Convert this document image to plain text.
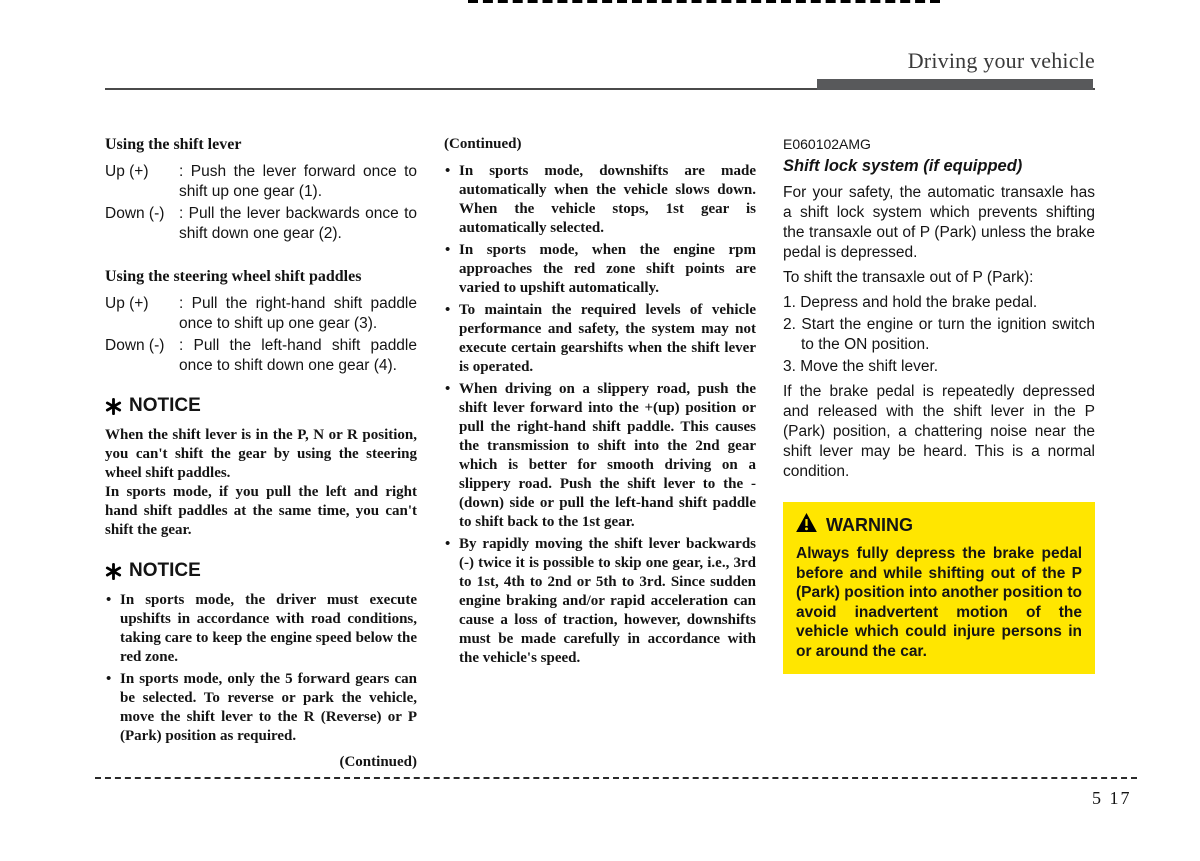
Driving your vehicle
Using the shift lever
Up (+)	: Push the lever forward once to shift up one gear (1).
Down (-) : Pull the lever backwards once to shift down one gear (2).
Using the steering wheel shift paddles
Up (+)	: Pull the right-hand shift paddle once to shift up one gear (3).
Down (-) : Pull the left-hand shift paddle once to shift down one gear (4).
NOTICE

When the shift lever is in the P, N or R position, you can't shift the gear by using the steering wheel shift paddles.

In sports mode, if you pull the left and right hand shift paddles at the same time, you can't shift the gear.

NOTICE
• In sports mode, the driver must execute upshifts in accordance with road conditions, taking care to keep the engine speed below the red zone.
• In sports mode, only the 5 forward gears can be selected. To reverse or park the vehicle, move the shift lever to the R (Reverse) or P (Park) position as required.
(Continued)
(Continued)
• In sports mode, downshifts are made automatically when the vehicle slows down. When the vehicle stops, 1st gear is automatically selected.
• In sports mode, when the engine rpm approaches the red zone shift points are varied to upshift automatically.
• To maintain the required levels of vehicle performance and safety, the system may not execute certain gearshifts when the shift lever is operated.
• When driving on a slippery road, push the shift lever forward into the +(up) position or pull the right-hand shift paddle. This causes the transmission to shift into the 2nd gear which is better for smooth driving on a slippery road. Push the shift lever to the -(down) side or pull the left-hand shift paddle to shift back to the 1st gear.
• By rapidly moving the shift lever backwards (-) twice it is possible to skip one gear, i.e., 3rd to 1st, 4th to 2nd or 5th to 3rd. Since sudden engine braking and/or rapid acceleration can cause a loss of traction, however, downshifts must be made carefully in accordance with the vehicle's speed.
E060102AMG
Shift lock system (if equipped)

For your safety, the automatic transaxle has a shift lock system which prevents shifting the transaxle out of P (Park) unless the brake pedal is depressed.

To shift the transaxle out of P (Park):

1. Depress and hold the brake pedal.
2. Start the engine or turn the ignition switch to the ON position.
3. Move the shift lever.

If the brake pedal is repeatedly depressed and released with the shift lever in the P (Park) position, a chattering noise near the shift lever may be heard. This is a normal condition.

WARNING
Always fully depress the brake pedal before and while shifting out of the P (Park) position into another position to avoid inadvertent motion of the vehicle which could injure persons in or around the car.
5 17
